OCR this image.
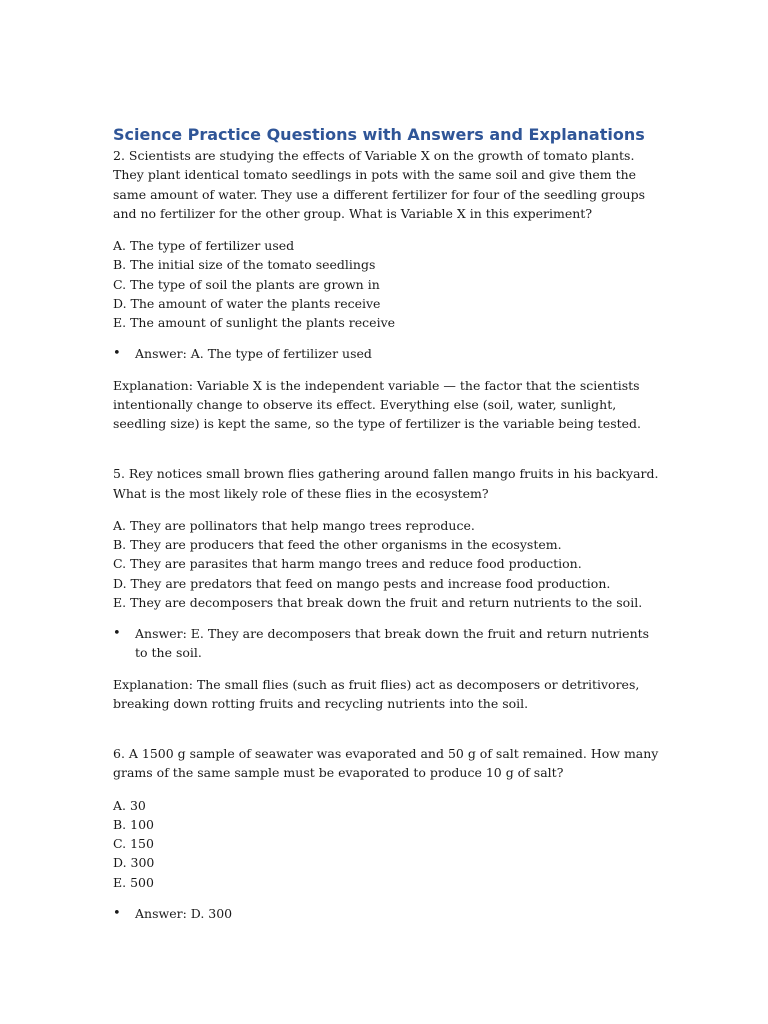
Science Practice Questions with Answers and Explanations

2. Scientists are studying the effects of Variable X on the growth of tomato plants. They plant identical tomato seedlings in pots with the same soil and give them the same amount of water. They use a different fertilizer for four of the seedling groups and no fertilizer for the other group. What is Variable X in this experiment?

A. The type of fertilizer used
B. The initial size of the tomato seedlings
C. The type of soil the plants are grown in
D. The amount of water the plants receive
E. The amount of sunlight the plants receive
•	Answer: A. The type of fertilizer used

Explanation: Variable X is the independent variable — the factor that the scientists intentionally change to observe its effect. Everything else (soil, water, sunlight, seedling size) is kept the same, so the type of fertilizer is the variable being tested.

5. Rey notices small brown flies gathering around fallen mango fruits in his backyard. What is the most likely role of these flies in the ecosystem?

A. They are pollinators that help mango trees reproduce.
B. They are producers that feed the other organisms in the ecosystem.
C. They are parasites that harm mango trees and reduce food production.
D. They are predators that feed on mango pests and increase food production.
E. They are decomposers that break down the fruit and return nutrients to the soil.
•	Answer: E. They are decomposers that break down the fruit and return nutrients to the soil.

Explanation: The small flies (such as fruit flies) act as decomposers or detritivores, breaking down rotting fruits and recycling nutrients into the soil.

6. A 1500 g sample of seawater was evaporated and 50 g of salt remained. How many grams of the same sample must be evaporated to produce 10 g of salt?

A. 30
B. 100
C. 150
D. 300
E. 500
•	Answer: D. 300
